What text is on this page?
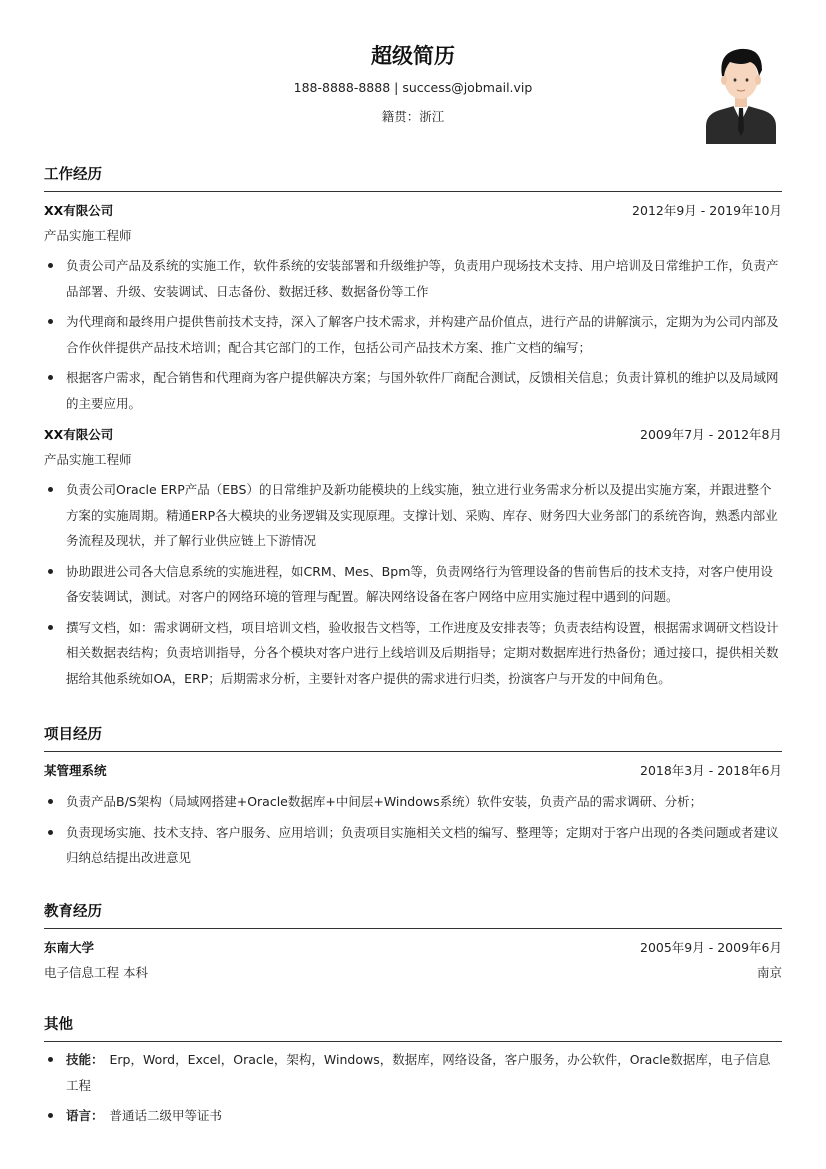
超级简历
188-8888-8888 | success@jobmail.vip
籍贯：浙江
工作经历
XX有限公司	2012年9月 - 2019年10月
产品实施工程师
负责公司产品及系统的实施工作，软件系统的安装部署和升级维护等，负责用户现场技术支持、用户培训及日常维护工作，负责产品部署、升级、安装调试、日志备份、数据迁移、数据备份等工作
为代理商和最终用户提供售前技术支持，深入了解客户技术需求，并构建产品价值点，进行产品的讲解演示，定期为为公司内部及合作伙伴提供产品技术培训；配合其它部门的工作，包括公司产品技术方案、推广文档的编写；
根据客户需求，配合销售和代理商为客户提供解决方案；与国外软件厂商配合测试，反馈相关信息；负责计算机的维护以及局域网的主要应用。
XX有限公司	2009年7月 - 2012年8月
产品实施工程师
负责公司Oracle ERP产品（EBS）的日常维护及新功能模块的上线实施，独立进行业务需求分析以及提出实施方案，并跟进整个方案的实施周期。精通ERP各大模块的业务逻辑及实现原理。支撑计划、采购、库存、财务四大业务部门的系统咨询，熟悉内部业务流程及现状，并了解行业供应链上下游情况
协助跟进公司各大信息系统的实施进程，如CRM、Mes、Bpm等，负责网络行为管理设备的售前售后的技术支持，对客户使用设备安装调试，测试。对客户的网络环境的管理与配置。解决网络设备在客户网络中应用实施过程中遇到的问题。
撰写文档，如：需求调研文档，项目培训文档，验收报告文档等，工作进度及安排表等；负责表结构设置，根据需求调研文档设计相关数据表结构；负责培训指导，分各个模块对客户进行上线培训及后期指导；定期对数据库进行热备份；通过接口，提供相关数据给其他系统如OA，ERP；后期需求分析，主要针对客户提供的需求进行归类，扮演客户与开发的中间角色。
项目经历
某管理系统	2018年3月 - 2018年6月
负责产品B/S架构（局域网搭建+Oracle数据库+中间层+Windows系统）软件安装，负责产品的需求调研、分析；
负责现场实施、技术支持、客户服务、应用培训；负责项目实施相关文档的编写、整理等；定期对于客户出现的各类问题或者建议归纳总结提出改进意见
教育经历
东南大学	2005年9月 - 2009年6月
电子信息工程 本科	南京
其他
技能： Erp，Word，Excel，Oracle，架构，Windows，数据库，网络设备，客户服务，办公软件，Oracle数据库，电子信息工程
语言： 普通话二级甲等证书
